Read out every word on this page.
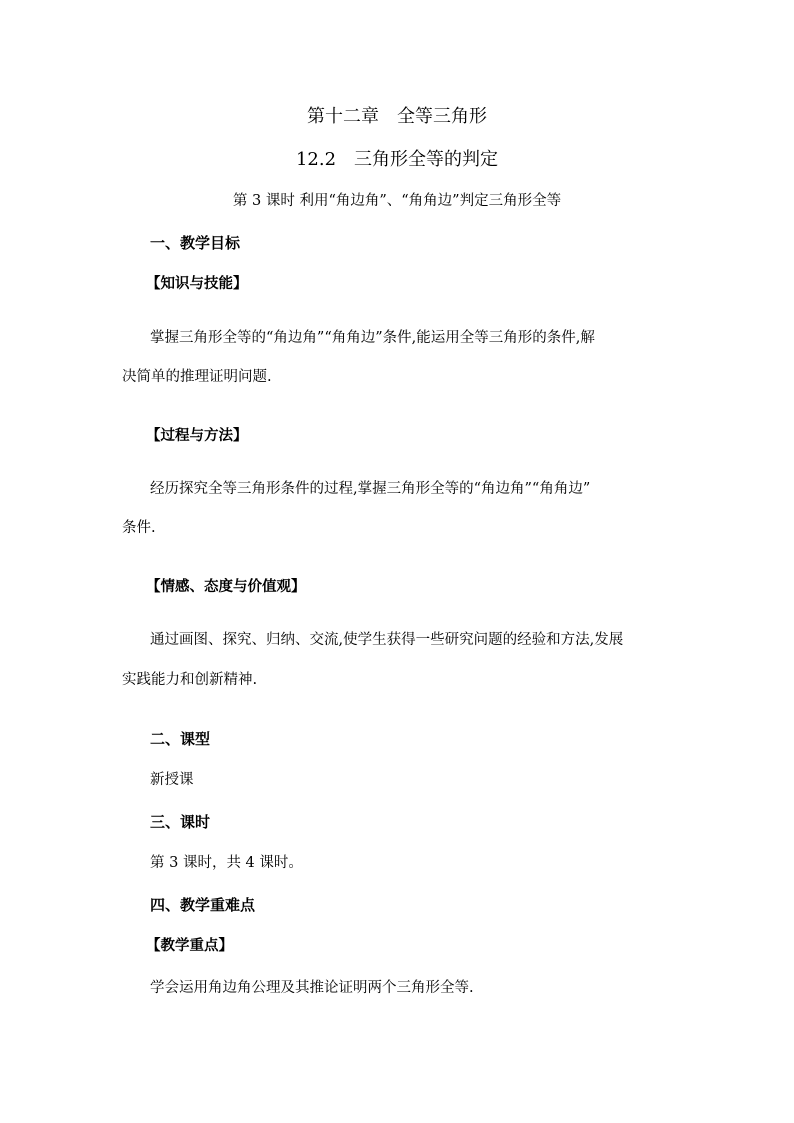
第十二章　全等三角形
12.2　三角形全等的判定
第 3 课时 利用“角边角”、“角角边”判定三角形全等
一、教学目标
【知识与技能】
掌握三角形全等的“角边角”“角角边”条件,能运用全等三角形的条件,解
决简单的推理证明问题.
【过程与方法】
经历探究全等三角形条件的过程,掌握三角形全等的“角边角”“角角边”
条件.
【情感、态度与价值观】
通过画图、探究、归纳、交流,使学生获得一些研究问题的经验和方法,发展
实践能力和创新精神.
二、课型
新授课
三、课时
第 3 课时，共 4 课时。
四、教学重难点
【教学重点】
学会运用角边角公理及其推论证明两个三角形全等.
